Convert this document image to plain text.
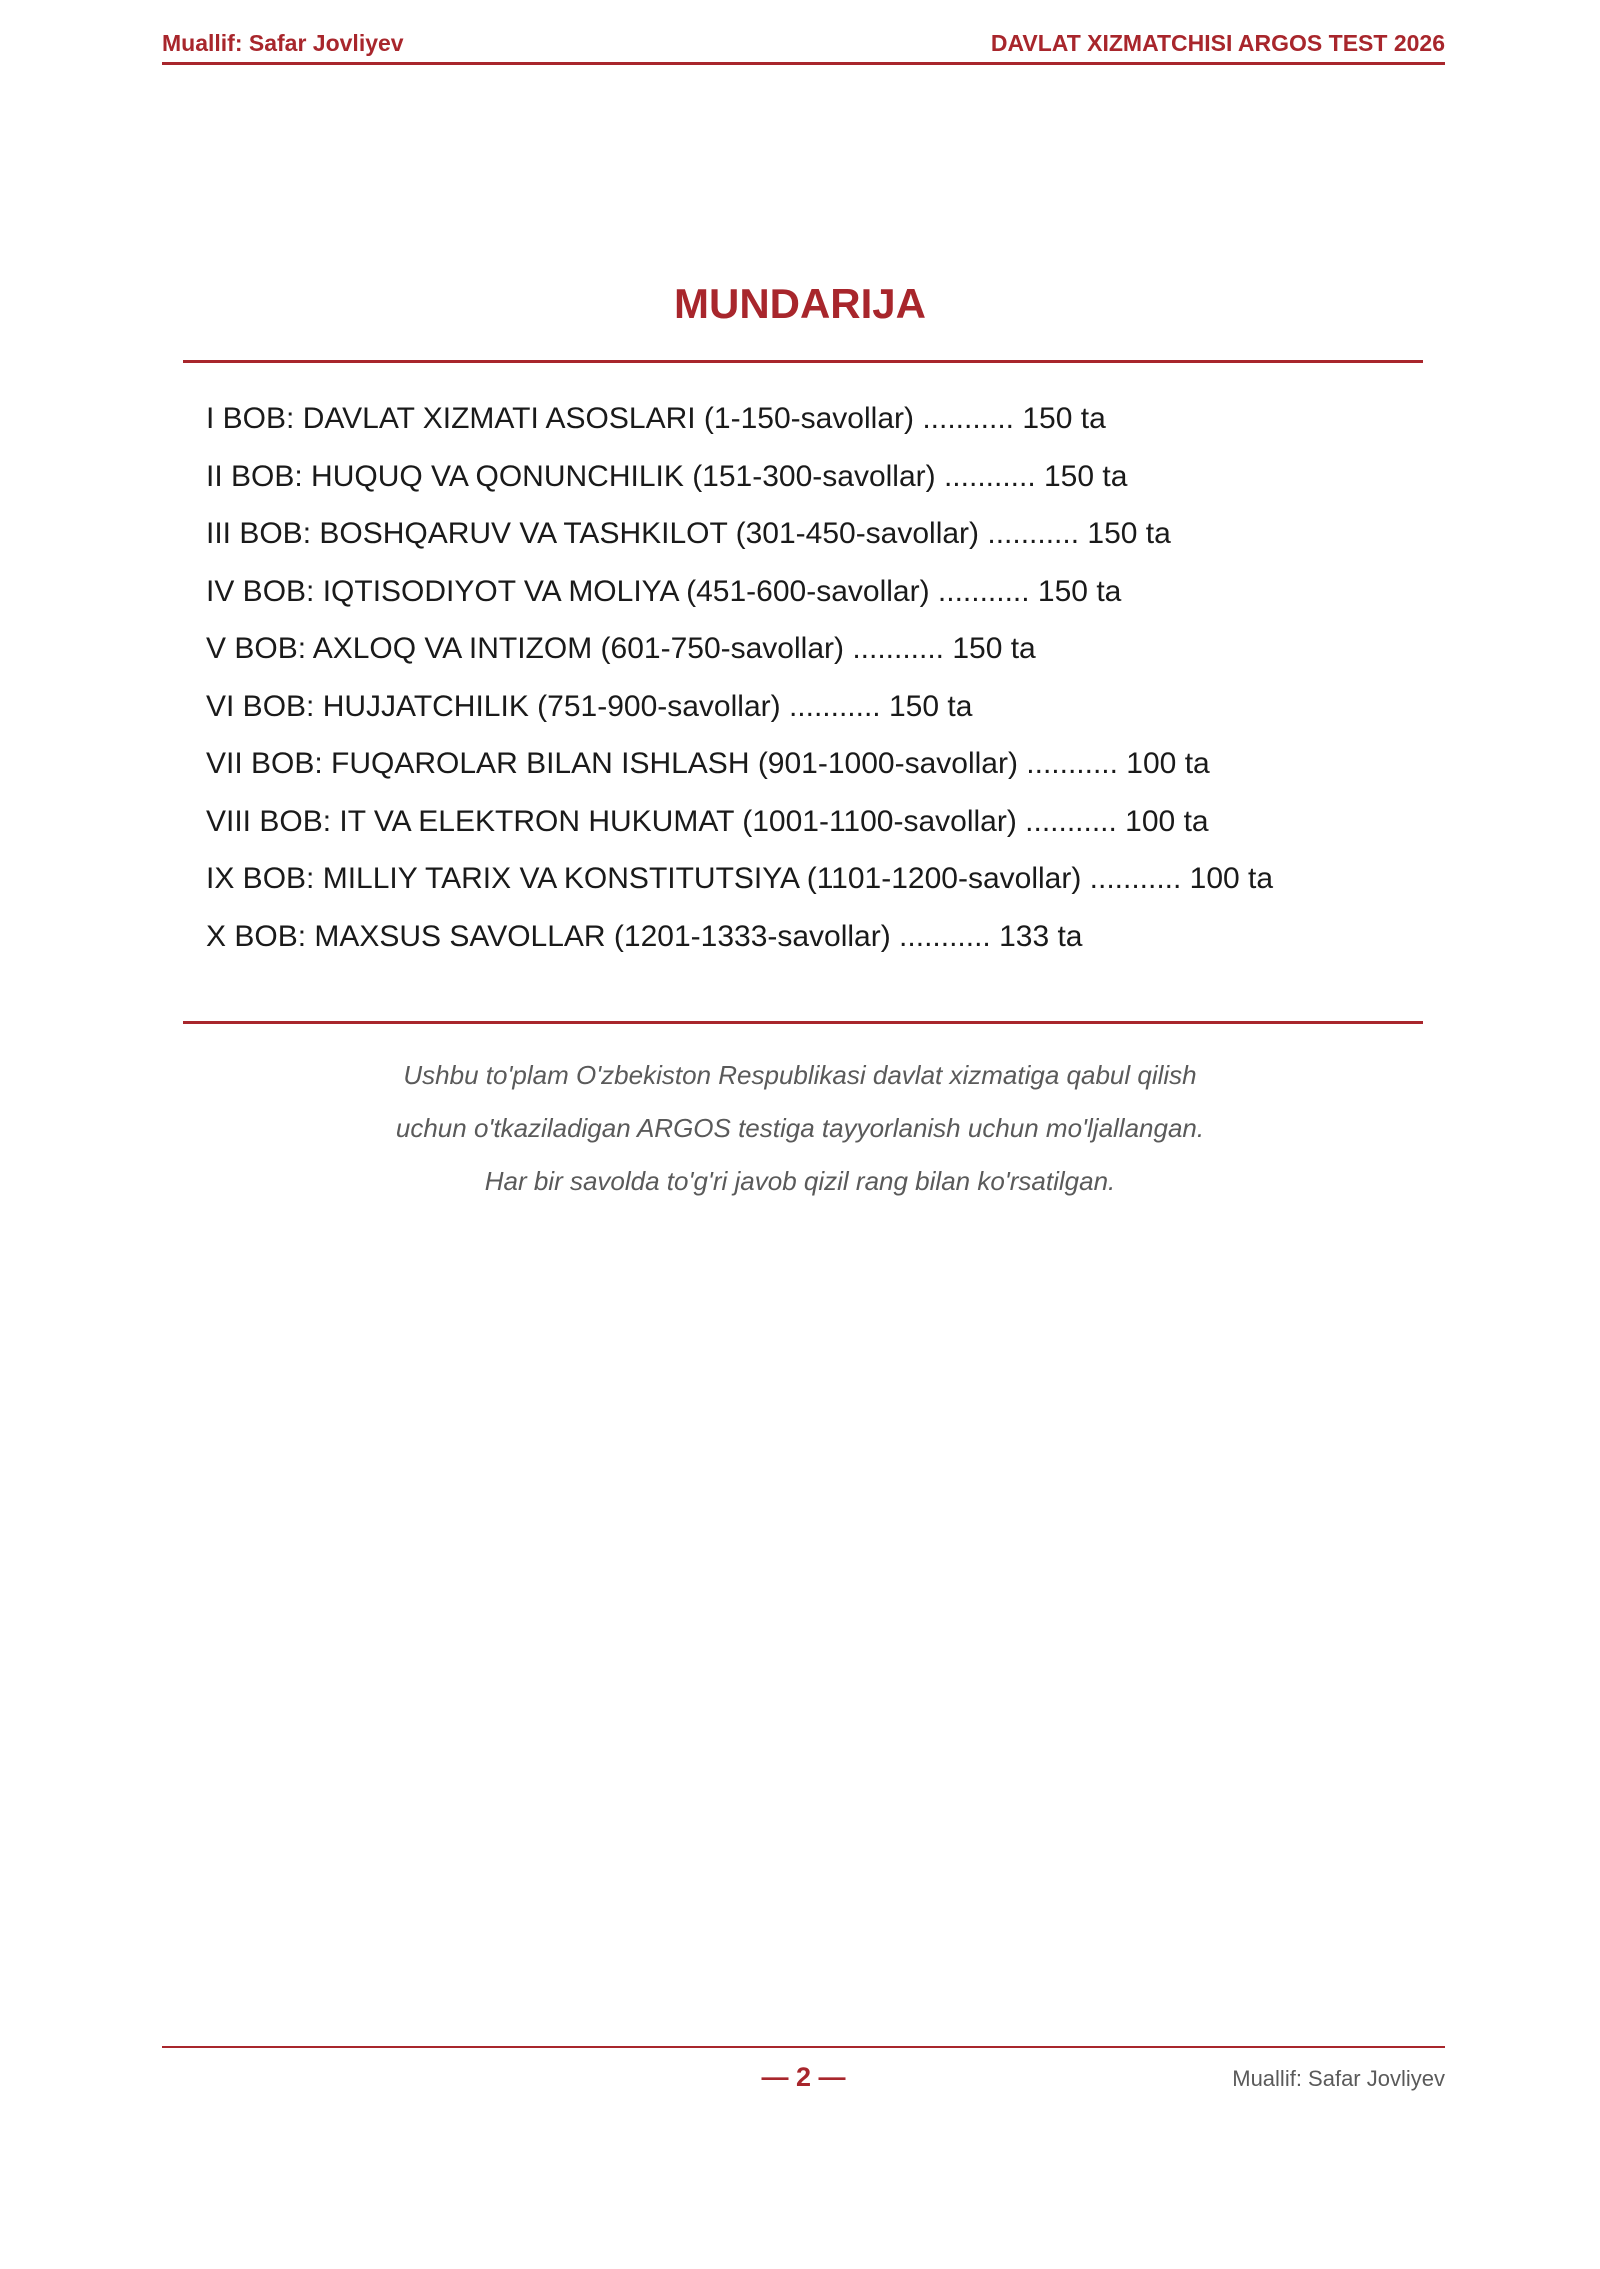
Muallif: Safar Jovliyev	DAVLAT XIZMATCHISI ARGOS TEST 2026
MUNDARIJA
I BOB: DAVLAT XIZMATI ASOSLARI (1-150-savollar) ........... 150 ta
II BOB: HUQUQ VA QONUNCHILIK (151-300-savollar) ........... 150 ta
III BOB: BOSHQARUV VA TASHKILOT (301-450-savollar) ........... 150 ta
IV BOB: IQTISODIYOT VA MOLIYA (451-600-savollar) ........... 150 ta
V BOB: AXLOQ VA INTIZOM (601-750-savollar) ........... 150 ta
VI BOB: HUJJATCHILIK (751-900-savollar) ........... 150 ta
VII BOB: FUQAROLAR BILAN ISHLASH (901-1000-savollar) ........... 100 ta
VIII BOB: IT VA ELEKTRON HUKUMAT (1001-1100-savollar) ........... 100 ta
IX BOB: MILLIY TARIX VA KONSTITUTSIYA (1101-1200-savollar) ........... 100 ta
X BOB: MAXSUS SAVOLLAR (1201-1333-savollar) ........... 133 ta
Ushbu to'plam O'zbekiston Respublikasi davlat xizmatiga qabul qilish
uchun o'tkaziladigan ARGOS testiga tayyorlanish uchun mo'ljallangan.
Har bir savolda to'g'ri javob qizil rang bilan ko'rsatilgan.
— 2 —	Muallif: Safar Jovliyev
